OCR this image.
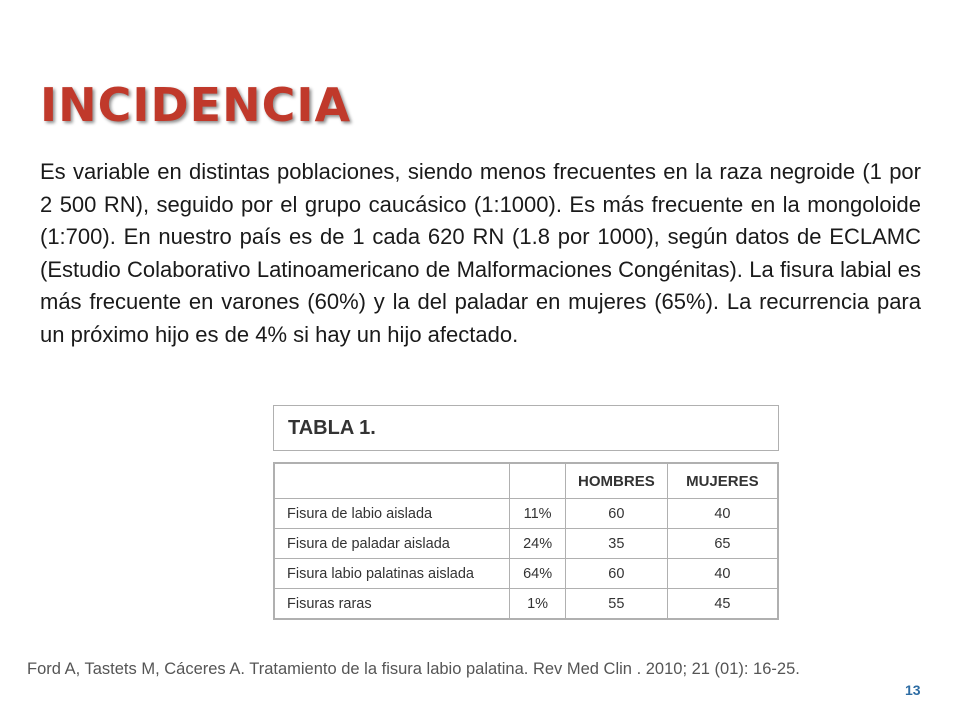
INCIDENCIA
Es variable en distintas poblaciones, siendo menos frecuentes en la raza negroide (1 por 2 500 RN), seguido por el grupo caucásico (1:1000). Es más frecuente en la mongoloide (1:700). En nuestro país es de 1 cada 620 RN (1.8 por 1000), según datos de ECLAMC (Estudio Colaborativo Latinoamericano de Malformaciones Congénitas). La fisura labial es más frecuente en varones (60%) y la del paladar en mujeres (65%). La recurrencia para un próximo hijo es de 4% si hay un hijo afectado.
TABLA 1.
		HOMBRES	MUJERES
Fisura de labio aislada	11%	60	40
Fisura de paladar aislada	24%	35	65
Fisura labio palatinas aislada	64%	60	40
Fisuras raras	1%	55	45
Ford A, Tastets M, Cáceres A. Tratamiento de la fisura labio palatina. Rev Med Clin . 2010; 21 (01): 16-25.
13
